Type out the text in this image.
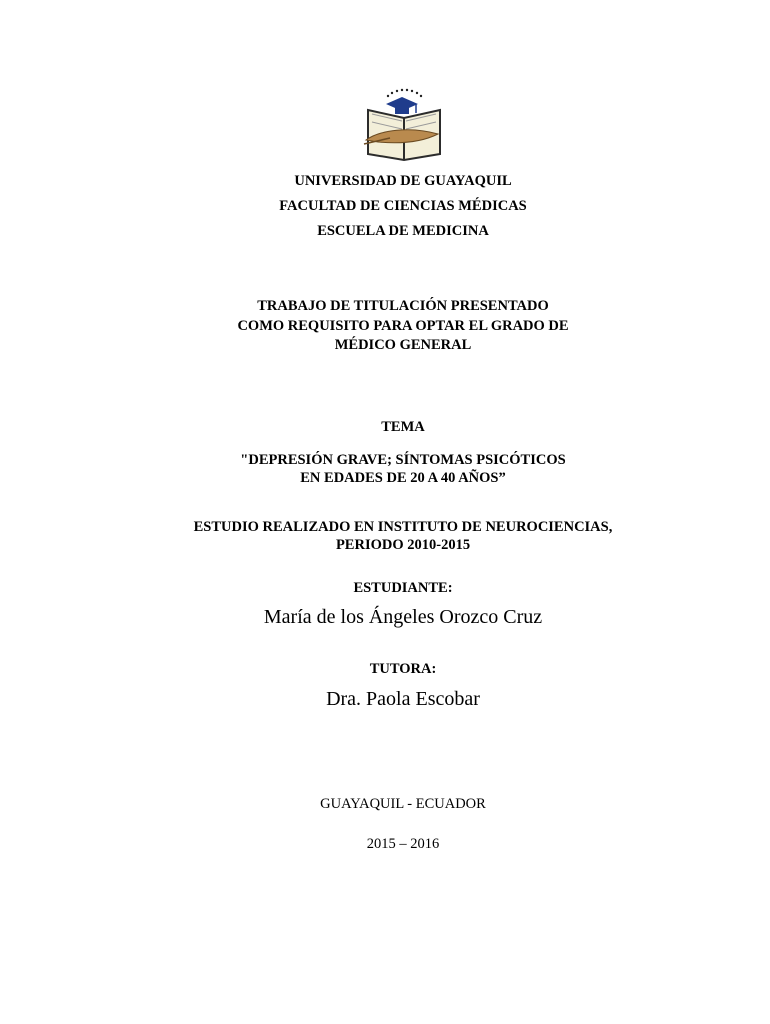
UNIVERSIDAD DE GUAYAQUIL
FACULTAD DE CIENCIAS MÉDICAS
ESCUELA DE MEDICINA
TRABAJO DE TITULACIÓN PRESENTADO
COMO REQUISITO PARA OPTAR EL GRADO DE
MÉDICO GENERAL
TEMA
"DEPRESIÓN GRAVE; SÍNTOMAS PSICÓTICOS
EN EDADES DE 20 A 40 AÑOS”
ESTUDIO REALIZADO EN INSTITUTO DE NEUROCIENCIAS,
PERIODO 2010-2015
ESTUDIANTE:
María de los Ángeles Orozco Cruz
TUTORA:
Dra. Paola Escobar
GUAYAQUIL - ECUADOR
2015 – 2016
